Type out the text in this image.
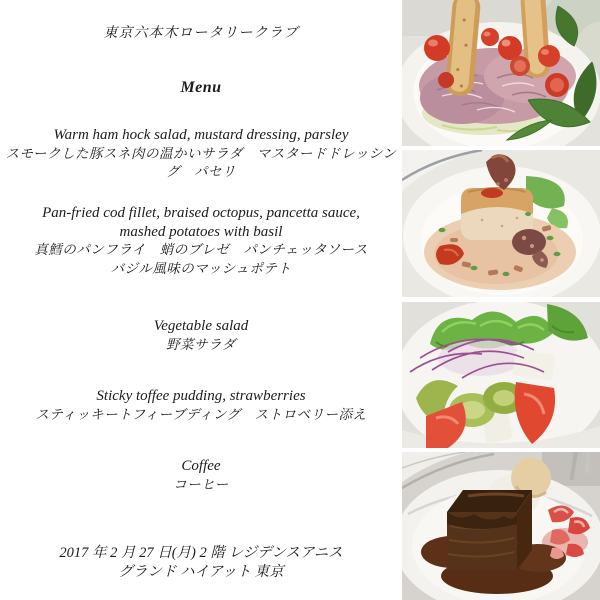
東京六本木ロータリークラブ
Menu
Warm ham hock salad, mustard dressing, parsley
スモークした豚スネ肉の温かいサラダ　マスタードドレッシング　パセリ
Pan-fried cod fillet, braised octopus, pancetta sauce,
mashed potatoes with basil
真鱈のパンフライ　蛸のブレゼ　パンチェッタソース
バジル風味のマッシュポテト
Vegetable salad
野菜サラダ
Sticky toffee pudding, strawberries
スティッキートフィーブディング　ストロベリー添え
Coffee
コーヒー
2017 年 2 月 27 日(月) 2 階 レジデンスアニス
グランド ハイアット 東京
